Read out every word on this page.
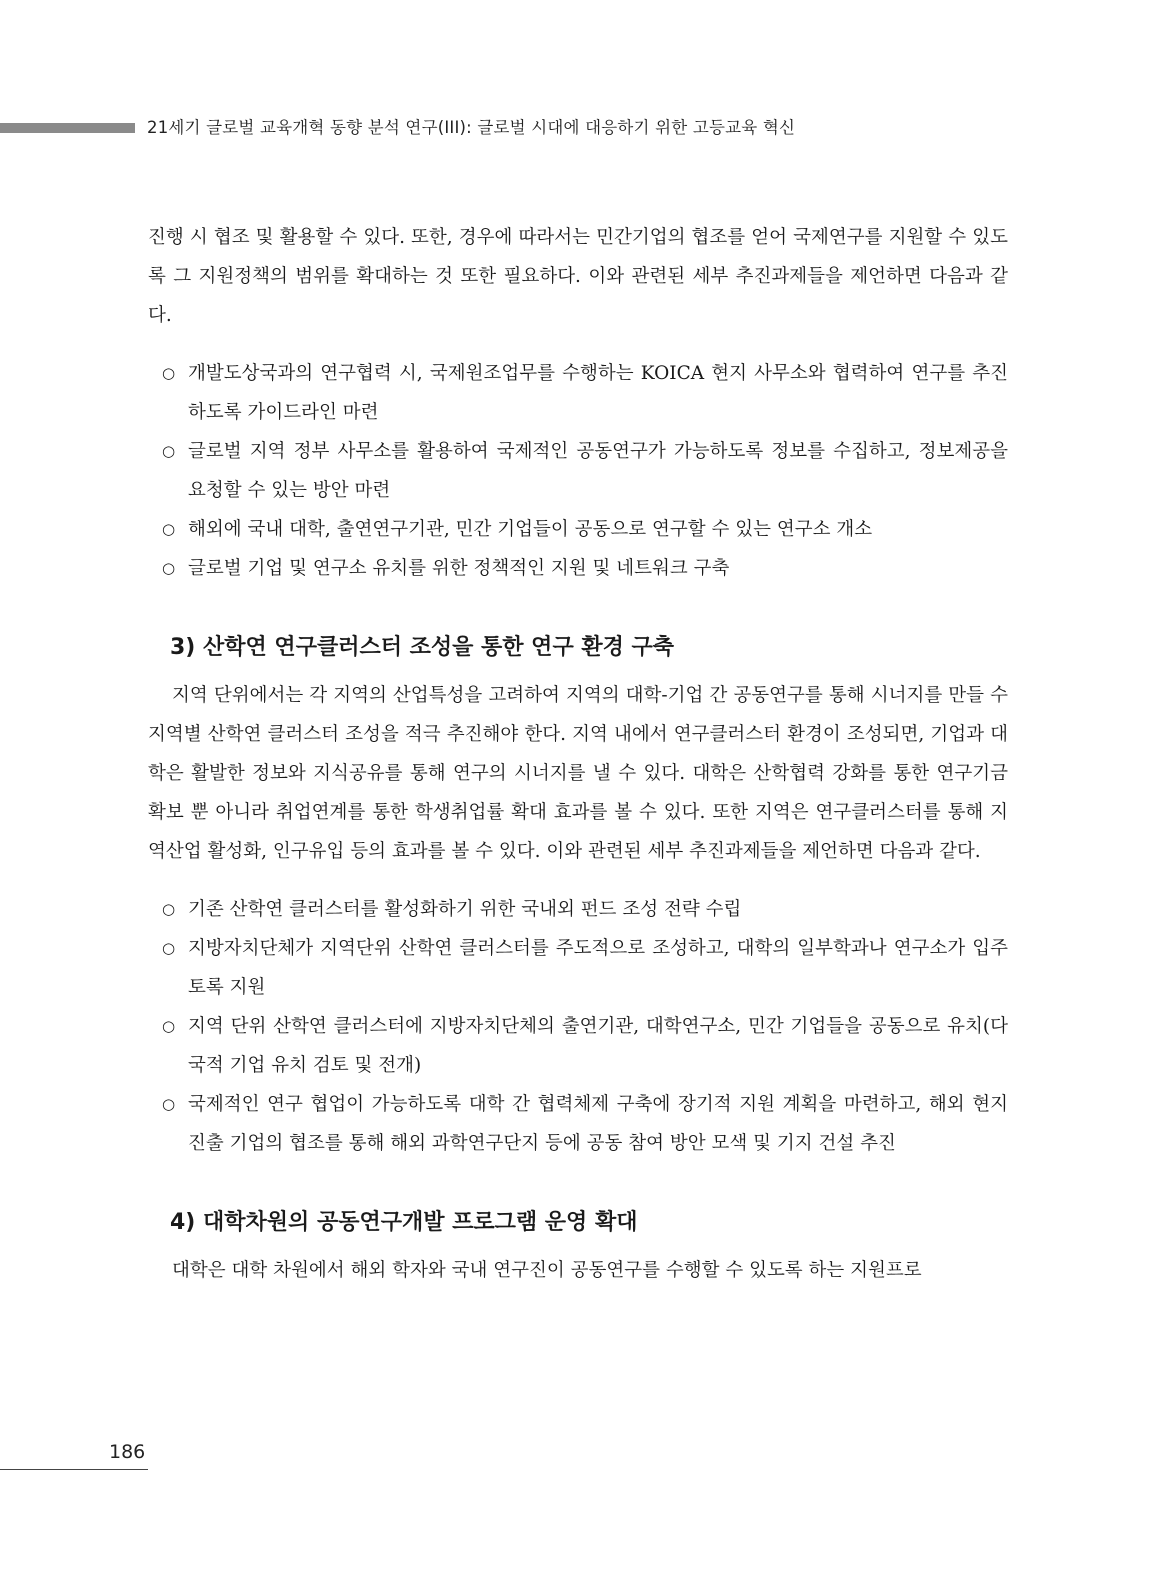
21세기 글로벌 교육개혁 동향 분석 연구(III): 글로벌 시대에 대응하기 위한 고등교육 혁신

진행 시 협조 및 활용할 수 있다. 또한, 경우에 따라서는 민간기업의 협조를 얻어 국제연구를 지원할 수 있도록 그 지원정책의 범위를 확대하는 것 또한 필요하다. 이와 관련된 세부 추진과제들을 제언하면 다음과 같다.

○ 개발도상국과의 연구협력 시, 국제원조업무를 수행하는 KOICA 현지 사무소와 협력하여 연구를 추진하도록 가이드라인 마련
○ 글로벌 지역 정부 사무소를 활용하여 국제적인 공동연구가 가능하도록 정보를 수집하고, 정보제공을 요청할 수 있는 방안 마련
○ 해외에 국내 대학, 출연연구기관, 민간 기업들이 공동으로 연구할 수 있는 연구소 개소
○ 글로벌 기업 및 연구소 유치를 위한 정책적인 지원 및 네트워크 구축
3) 산학연 연구클러스터 조성을 통한 연구 환경 구축

지역 단위에서는 각 지역의 산업특성을 고려하여 지역의 대학-기업 간 공동연구를 통해 시너지를 만들 수 지역별 산학연 클러스터 조성을 적극 추진해야 한다. 지역 내에서 연구클러스터 환경이 조성되면, 기업과 대학은 활발한 정보와 지식공유를 통해 연구의 시너지를 낼 수 있다. 대학은 산학협력 강화를 통한 연구기금 확보 뿐 아니라 취업연계를 통한 학생취업률 확대 효과를 볼 수 있다. 또한 지역은 연구클러스터를 통해 지역산업 활성화, 인구유입 등의 효과를 볼 수 있다. 이와 관련된 세부 추진과제들을 제언하면 다음과 같다.

○ 기존 산학연 클러스터를 활성화하기 위한 국내외 펀드 조성 전략 수립
○ 지방자치단체가 지역단위 산학연 클러스터를 주도적으로 조성하고, 대학의 일부학과나 연구소가 입주토록 지원
○ 지역 단위 산학연 클러스터에 지방자치단체의 출연기관, 대학연구소, 민간 기업들을 공동으로 유치(다국적 기업 유치 검토 및 전개)
○ 국제적인 연구 협업이 가능하도록 대학 간 협력체제 구축에 장기적 지원 계획을 마련하고, 해외 현지 진출 기업의 협조를 통해 해외 과학연구단지 등에 공동 참여 방안 모색 및 기지 건설 추진
4) 대학차원의 공동연구개발 프로그램 운영 확대

대학은 대학 차원에서 해외 학자와 국내 연구진이 공동연구를 수행할 수 있도록 하는 지원프로

186
